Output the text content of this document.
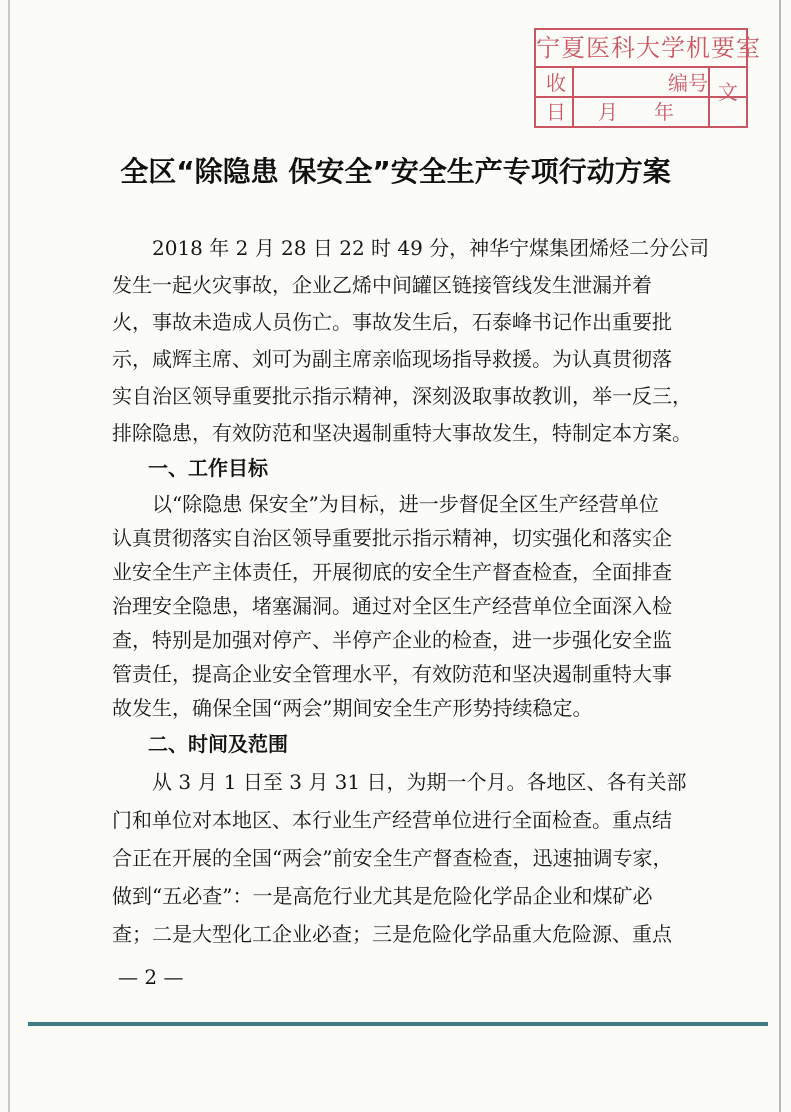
宁夏医科大学机要室
收	编号 文
日 月 年
全区“除隐患 保安全”安全生产专项行动方案
　　2018 年 2 月 28 日 22 时 49 分，神华宁煤集团烯烃二分公司
发生一起火灾事故，企业乙烯中间罐区链接管线发生泄漏并着
火，事故未造成人员伤亡。事故发生后，石泰峰书记作出重要批
示，咸辉主席、刘可为副主席亲临现场指导救援。为认真贯彻落
实自治区领导重要批示指示精神，深刻汲取事故教训，举一反三，
排除隐患，有效防范和坚决遏制重特大事故发生，特制定本方案。
一、工作目标
　　以“除隐患 保安全”为目标，进一步督促全区生产经营单位
认真贯彻落实自治区领导重要批示指示精神，切实强化和落实企
业安全生产主体责任，开展彻底的安全生产督查检查，全面排查
治理安全隐患，堵塞漏洞。通过对全区生产经营单位全面深入检
查，特别是加强对停产、半停产企业的检查，进一步强化安全监
管责任，提高企业安全管理水平，有效防范和坚决遏制重特大事
故发生，确保全国“两会”期间安全生产形势持续稳定。
二、时间及范围
　　从 3 月 1 日至 3 月 31 日，为期一个月。各地区、各有关部
门和单位对本地区、本行业生产经营单位进行全面检查。重点结
合正在开展的全国“两会”前安全生产督查检查，迅速抽调专家，
做到“五必查”：一是高危行业尤其是危险化学品企业和煤矿必
— 2 —
查；二是大型化工企业必查；三是危险化学品重大危险源、重点
